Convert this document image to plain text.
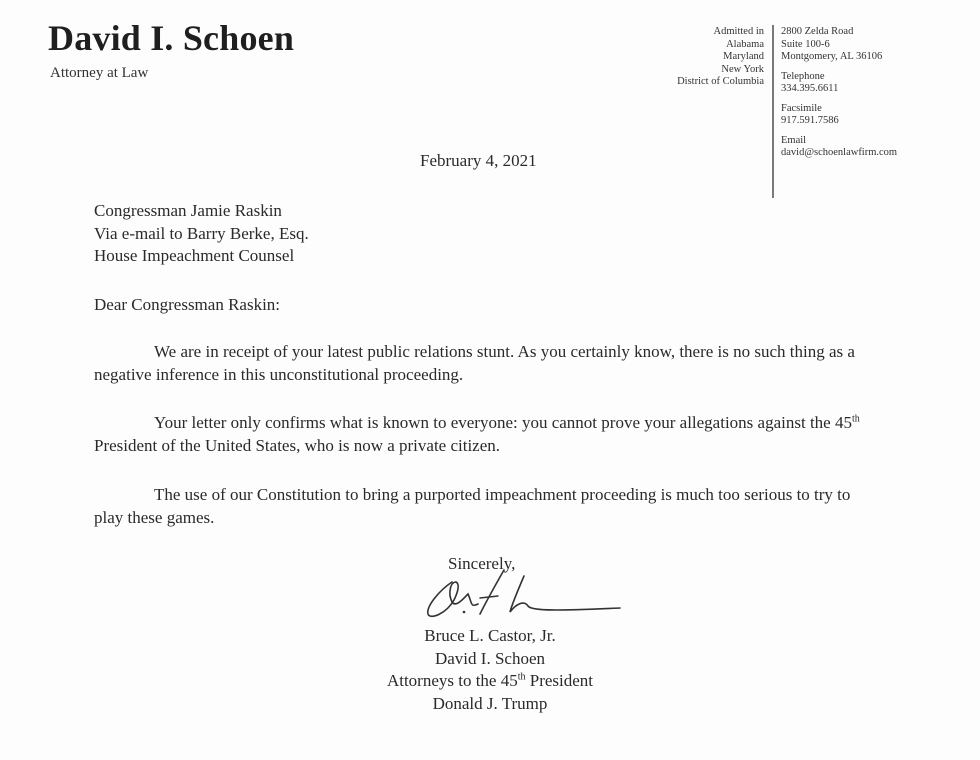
David I. Schoen
Attorney at Law
Admitted in
Alabama
Maryland
New York
District of Columbia
2800 Zelda Road
Suite 100-6
Montgomery, AL 36106
Telephone
334.395.6611
Facsimile
917.591.7586
Email
david@schoenlawfirm.com
February 4, 2021
Congressman Jamie Raskin
Via e-mail to Barry Berke, Esq.
House Impeachment Counsel
Dear Congressman Raskin:
We are in receipt of your latest public relations stunt. As you certainly know, there is no such thing as a negative inference in this unconstitutional proceeding.
Your letter only confirms what is known to everyone: you cannot prove your allegations against the 45th President of the United States, who is now a private citizen.
The use of our Constitution to bring a purported impeachment proceeding is much too serious to try to play these games.
Sincerely,
Bruce L. Castor, Jr.
David I. Schoen
Attorneys to the 45th President
Donald J. Trump
